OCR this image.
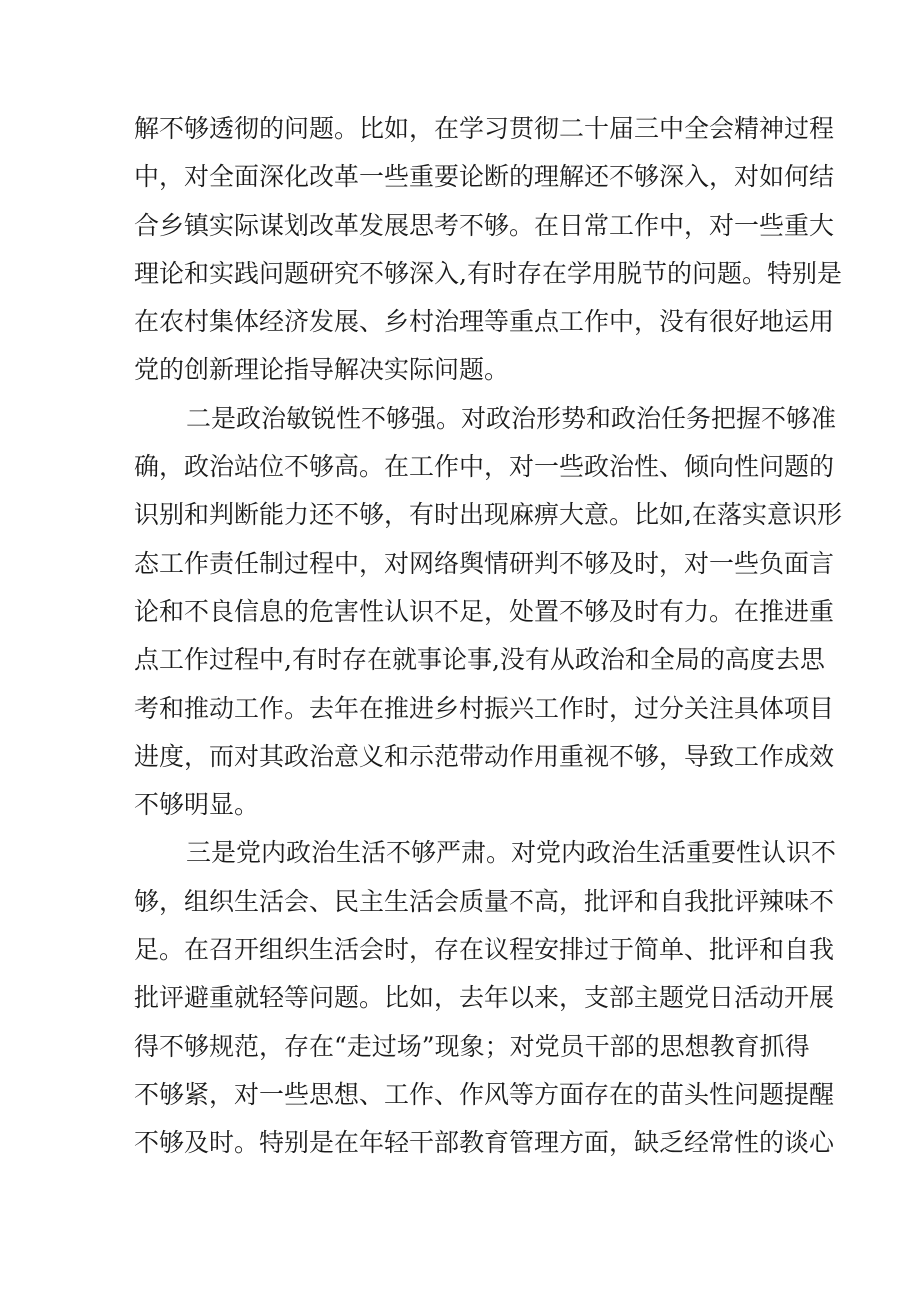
解不够透彻的问题。比如，在学习贯彻二十届三中全会精神过程
中，对全面深化改革一些重要论断的理解还不够深入，对如何结
合乡镇实际谋划改革发展思考不够。在日常工作中，对一些重大
理论和实践问题研究不够深入,有时存在学用脱节的问题。特别是
在农村集体经济发展、乡村治理等重点工作中，没有很好地运用
党的创新理论指导解决实际问题。
二是政治敏锐性不够强。对政治形势和政治任务把握不够准
确，政治站位不够高。在工作中，对一些政治性、倾向性问题的
识别和判断能力还不够，有时出现麻痹大意。比如,在落实意识形
态工作责任制过程中，对网络舆情研判不够及时，对一些负面言
论和不良信息的危害性认识不足，处置不够及时有力。在推进重
点工作过程中,有时存在就事论事,没有从政治和全局的高度去思
考和推动工作。去年在推进乡村振兴工作时，过分关注具体项目
进度，而对其政治意义和示范带动作用重视不够，导致工作成效
不够明显。
三是党内政治生活不够严肃。对党内政治生活重要性认识不
够，组织生活会、民主生活会质量不高，批评和自我批评辣味不
足。在召开组织生活会时，存在议程安排过于简单、批评和自我
批评避重就轻等问题。比如，去年以来，支部主题党日活动开展
得不够规范，存在“走过场”现象；对党员干部的思想教育抓得
不够紧，对一些思想、工作、作风等方面存在的苗头性问题提醒
不够及时。特别是在年轻干部教育管理方面，缺乏经常性的谈心
